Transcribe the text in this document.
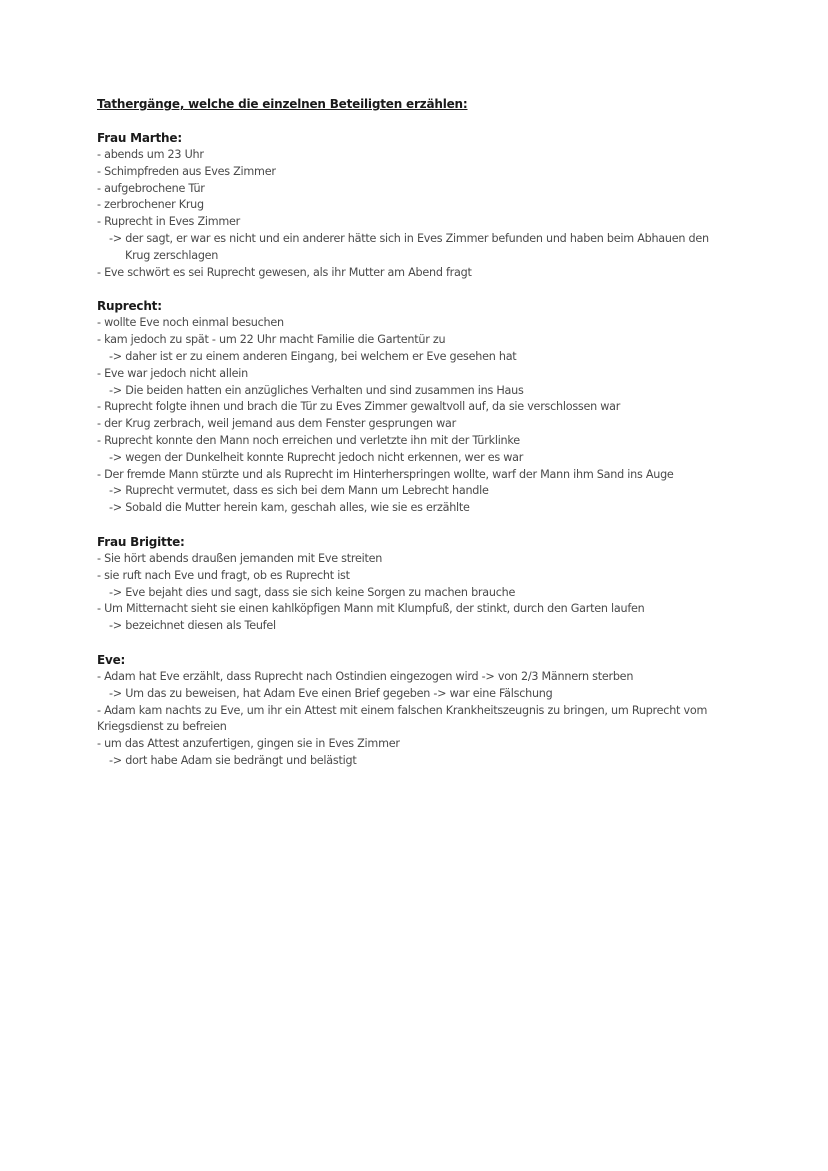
Tathergänge, welche die einzelnen Beteiligten erzählen:
Frau Marthe:
- abends um 23 Uhr
- Schimpfreden aus Eves Zimmer
- aufgebrochene Tür
- zerbrochener Krug
- Ruprecht in Eves Zimmer
-> der sagt, er war es nicht und ein anderer hätte sich in Eves Zimmer befunden und haben beim Abhauen den
Krug zerschlagen
- Eve schwört es sei Ruprecht gewesen, als ihr Mutter am Abend fragt
Ruprecht:
- wollte Eve noch einmal besuchen
- kam jedoch zu spät - um 22 Uhr macht Familie die Gartentür zu
-> daher ist er zu einem anderen Eingang, bei welchem er Eve gesehen hat
- Eve war jedoch nicht allein
-> Die beiden hatten ein anzügliches Verhalten und sind zusammen ins Haus
- Ruprecht folgte ihnen und brach die Tür zu Eves Zimmer gewaltvoll auf, da sie verschlossen war
- der Krug zerbrach, weil jemand aus dem Fenster gesprungen war
- Ruprecht konnte den Mann noch erreichen und verletzte ihn mit der Türklinke
-> wegen der Dunkelheit konnte Ruprecht jedoch nicht erkennen, wer es war
- Der fremde Mann stürzte und als Ruprecht im Hinterherspringen wollte, warf der Mann ihm Sand ins Auge
-> Ruprecht vermutet, dass es sich bei dem Mann um Lebrecht handle
-> Sobald die Mutter herein kam, geschah alles, wie sie es erzählte
Frau Brigitte:
- Sie hört abends draußen jemanden mit Eve streiten
- sie ruft nach Eve und fragt, ob es Ruprecht ist
-> Eve bejaht dies und sagt, dass sie sich keine Sorgen zu machen brauche
- Um Mitternacht sieht sie einen kahlköpfigen Mann mit Klumpfuß, der stinkt, durch den Garten laufen
-> bezeichnet diesen als Teufel
Eve:
- Adam hat Eve erzählt, dass Ruprecht nach Ostindien eingezogen wird -> von 2/3 Männern sterben
-> Um das zu beweisen, hat Adam Eve einen Brief gegeben -> war eine Fälschung
- Adam kam nachts zu Eve, um ihr ein Attest mit einem falschen Krankheitszeugnis zu bringen, um Ruprecht vom
Kriegsdienst zu befreien
- um das Attest anzufertigen, gingen sie in Eves Zimmer
-> dort habe Adam sie bedrängt und belästigt
